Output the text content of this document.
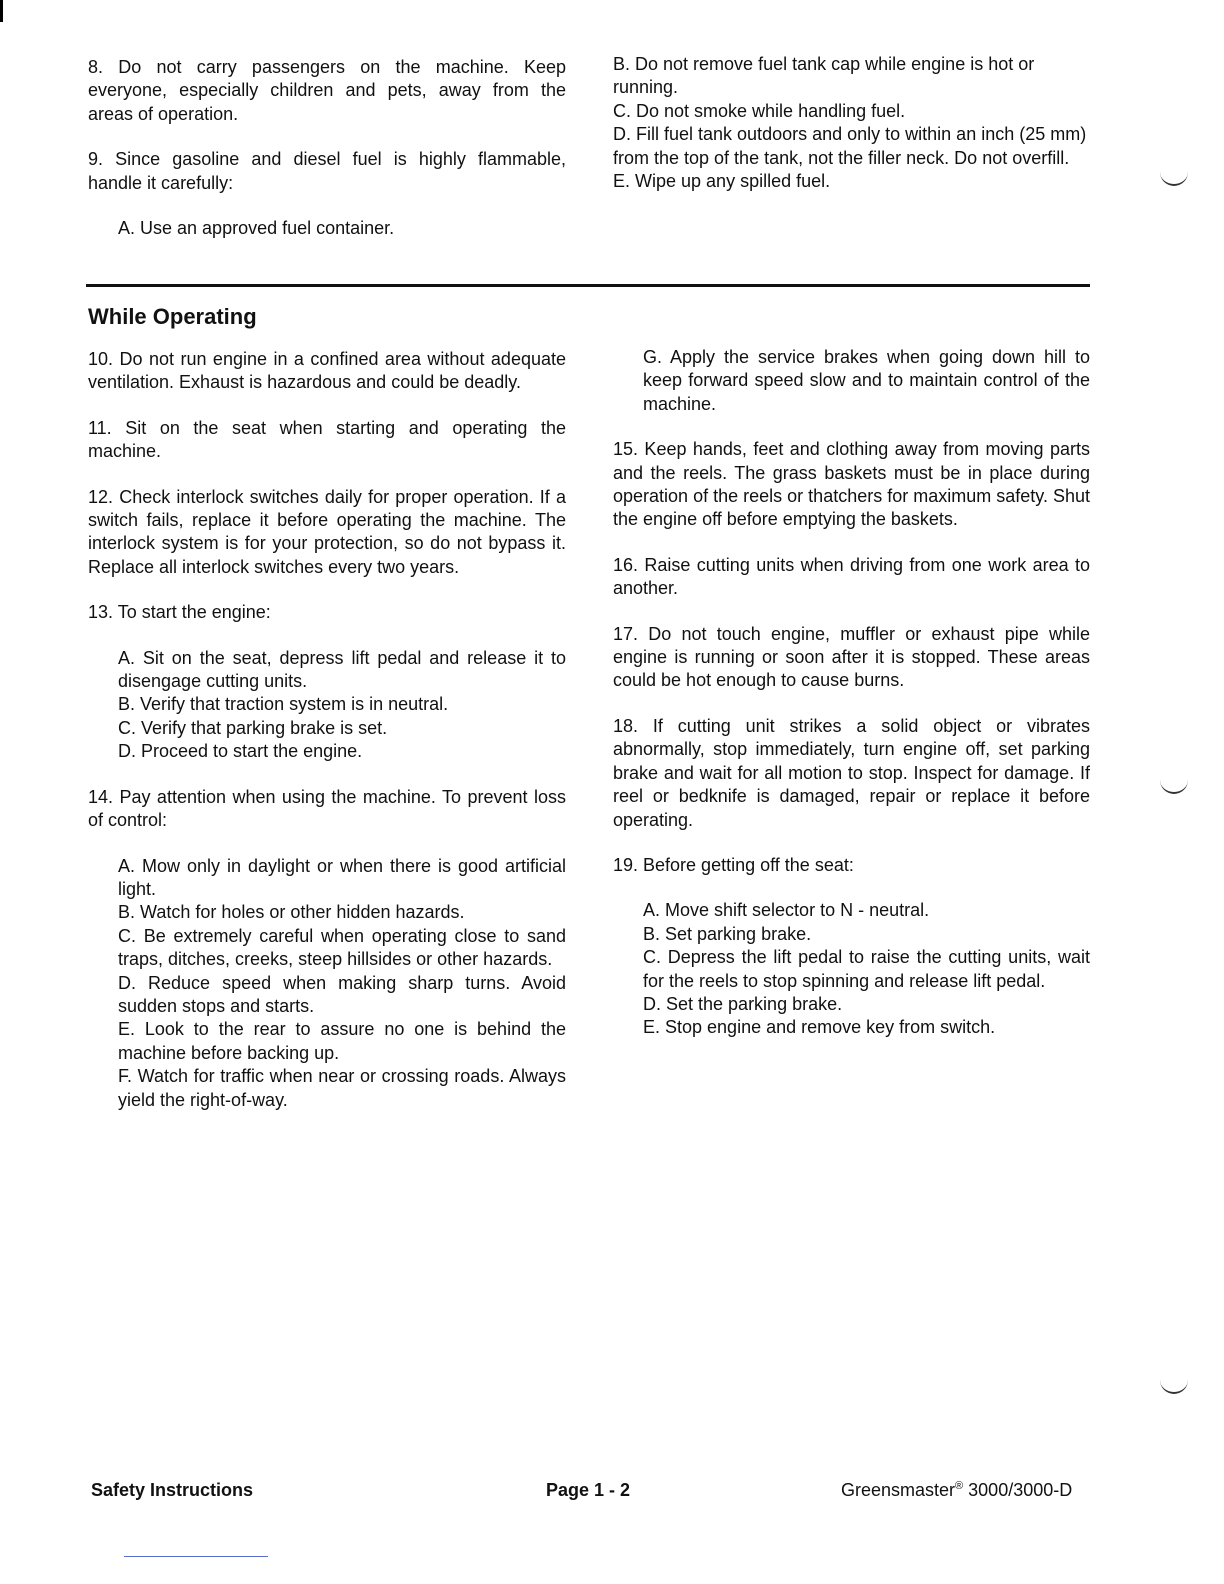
8. Do not carry passengers on the machine. Keep everyone, especially children and pets, away from the areas of operation.

9. Since gasoline and diesel fuel is highly flammable, handle it carefully:

A. Use an approved fuel container.

B. Do not remove fuel tank cap while engine is hot or running.

C. Do not smoke while handling fuel.

D. Fill fuel tank outdoors and only to within an inch (25 mm) from the top of the tank, not the filler neck. Do not overfill.

E. Wipe up any spilled fuel.

While Operating

10. Do not run engine in a confined area without adequate ventilation. Exhaust is hazardous and could be deadly.

11. Sit on the seat when starting and operating the machine.

12. Check interlock switches daily for proper operation. If a switch fails, replace it before operating the machine. The interlock system is for your protection, so do not bypass it. Replace all interlock switches every two years.

13. To start the engine:

A. Sit on the seat, depress lift pedal and release it to disengage cutting units.

B. Verify that traction system is in neutral.

C. Verify that parking brake is set.

D. Proceed to start the engine.

14. Pay attention when using the machine. To prevent loss of control:

A. Mow only in daylight or when there is good artificial light.

B. Watch for holes or other hidden hazards.

C. Be extremely careful when operating close to sand traps, ditches, creeks, steep hillsides or other hazards.

D. Reduce speed when making sharp turns. Avoid sudden stops and starts.

E. Look to the rear to assure no one is behind the machine before backing up.

F. Watch for traffic when near or crossing roads. Always yield the right-of-way.

G. Apply the service brakes when going down hill to keep forward speed slow and to maintain control of the machine.

15. Keep hands, feet and clothing away from moving parts and the reels. The grass baskets must be in place during operation of the reels or thatchers for maximum safety. Shut the engine off before emptying the baskets.

16. Raise cutting units when driving from one work area to another.

17. Do not touch engine, muffler or exhaust pipe while engine is running or soon after it is stopped. These areas could be hot enough to cause burns.

18. If cutting unit strikes a solid object or vibrates abnormally, stop immediately, turn engine off, set parking brake and wait for all motion to stop. Inspect for damage. If reel or bedknife is damaged, repair or replace it before operating.

19. Before getting off the seat:

A. Move shift selector to N - neutral.

B. Set parking brake.

C. Depress the lift pedal to raise the cutting units, wait for the reels to stop spinning and release lift pedal.

D. Set the parking brake.

E. Stop engine and remove key from switch.

Safety Instructions	Page 1 - 2	Greensmaster® 3000/3000-D
